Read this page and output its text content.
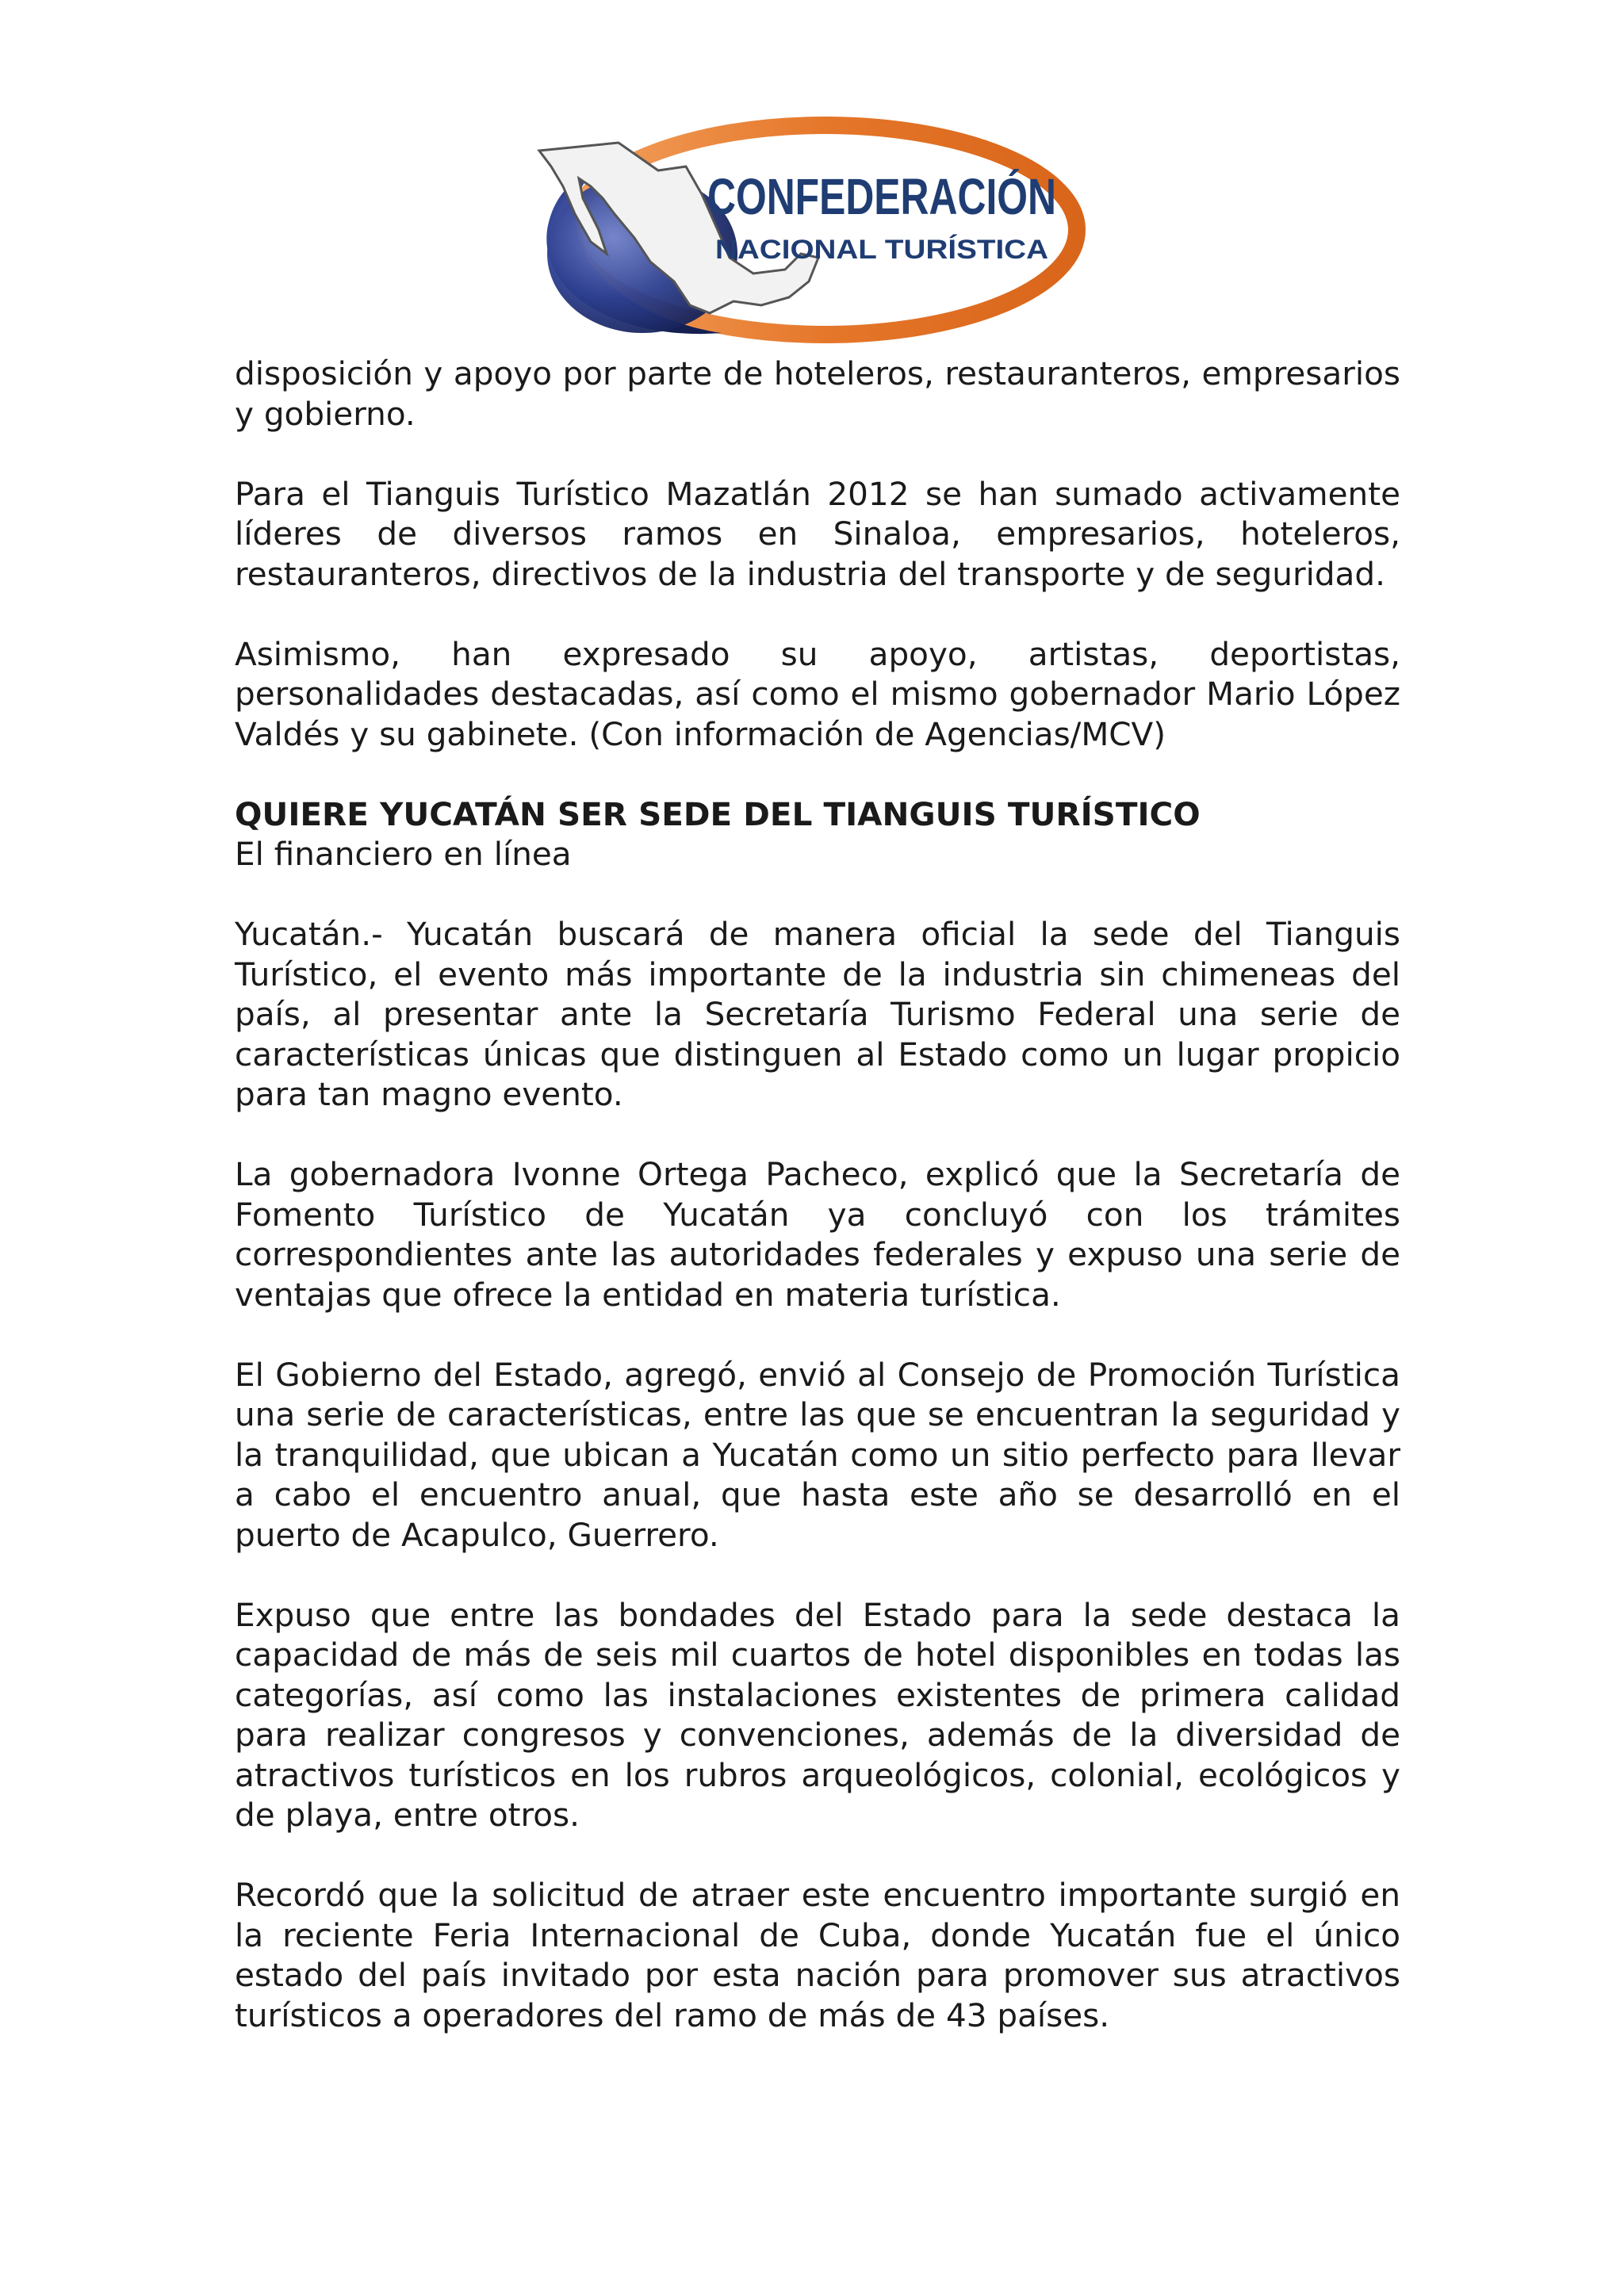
CONFEDERACIÓN
NACIONAL TURÍSTICA

disposición y apoyo por parte de hoteleros, restauranteros, empresarios y gobierno.

Para el Tianguis Turístico Mazatlán 2012 se han sumado activamente líderes de diversos ramos en Sinaloa, empresarios, hoteleros, restauranteros, directivos de la industria del transporte y de seguridad.

Asimismo, han expresado su apoyo, artistas, deportistas, personalidades destacadas, así como el mismo gobernador Mario López Valdés y su gabinete. (Con información de Agencias/MCV)

QUIERE YUCATÁN SER SEDE DEL TIANGUIS TURÍSTICO
El financiero en línea

Yucatán.- Yucatán buscará de manera oficial la sede del Tianguis Turístico, el evento más importante de la industria sin chimeneas del país, al presentar ante la Secretaría Turismo Federal una serie de características únicas que distinguen al Estado como un lugar propicio para tan magno evento.

La gobernadora Ivonne Ortega Pacheco, explicó que la Secretaría de Fomento Turístico de Yucatán ya concluyó con los trámites correspondientes ante las autoridades federales y expuso una serie de ventajas que ofrece la entidad en materia turística.

El Gobierno del Estado, agregó, envió al Consejo de Promoción Turística una serie de características, entre las que se encuentran la seguridad y la tranquilidad, que ubican a Yucatán como un sitio perfecto para llevar a cabo el encuentro anual, que hasta este año se desarrolló en el puerto de Acapulco, Guerrero.

Expuso que entre las bondades del Estado para la sede destaca la capacidad de más de seis mil cuartos de hotel disponibles en todas las categorías, así como las instalaciones existentes de primera calidad para realizar congresos y convenciones, además de la diversidad de atractivos turísticos en los rubros arqueológicos, colonial, ecológicos y de playa, entre otros.

Recordó que la solicitud de atraer este encuentro importante surgió en la reciente Feria Internacional de Cuba, donde Yucatán fue el único estado del país invitado por esta nación para promover sus atractivos turísticos a operadores del ramo de más de 43 países.
